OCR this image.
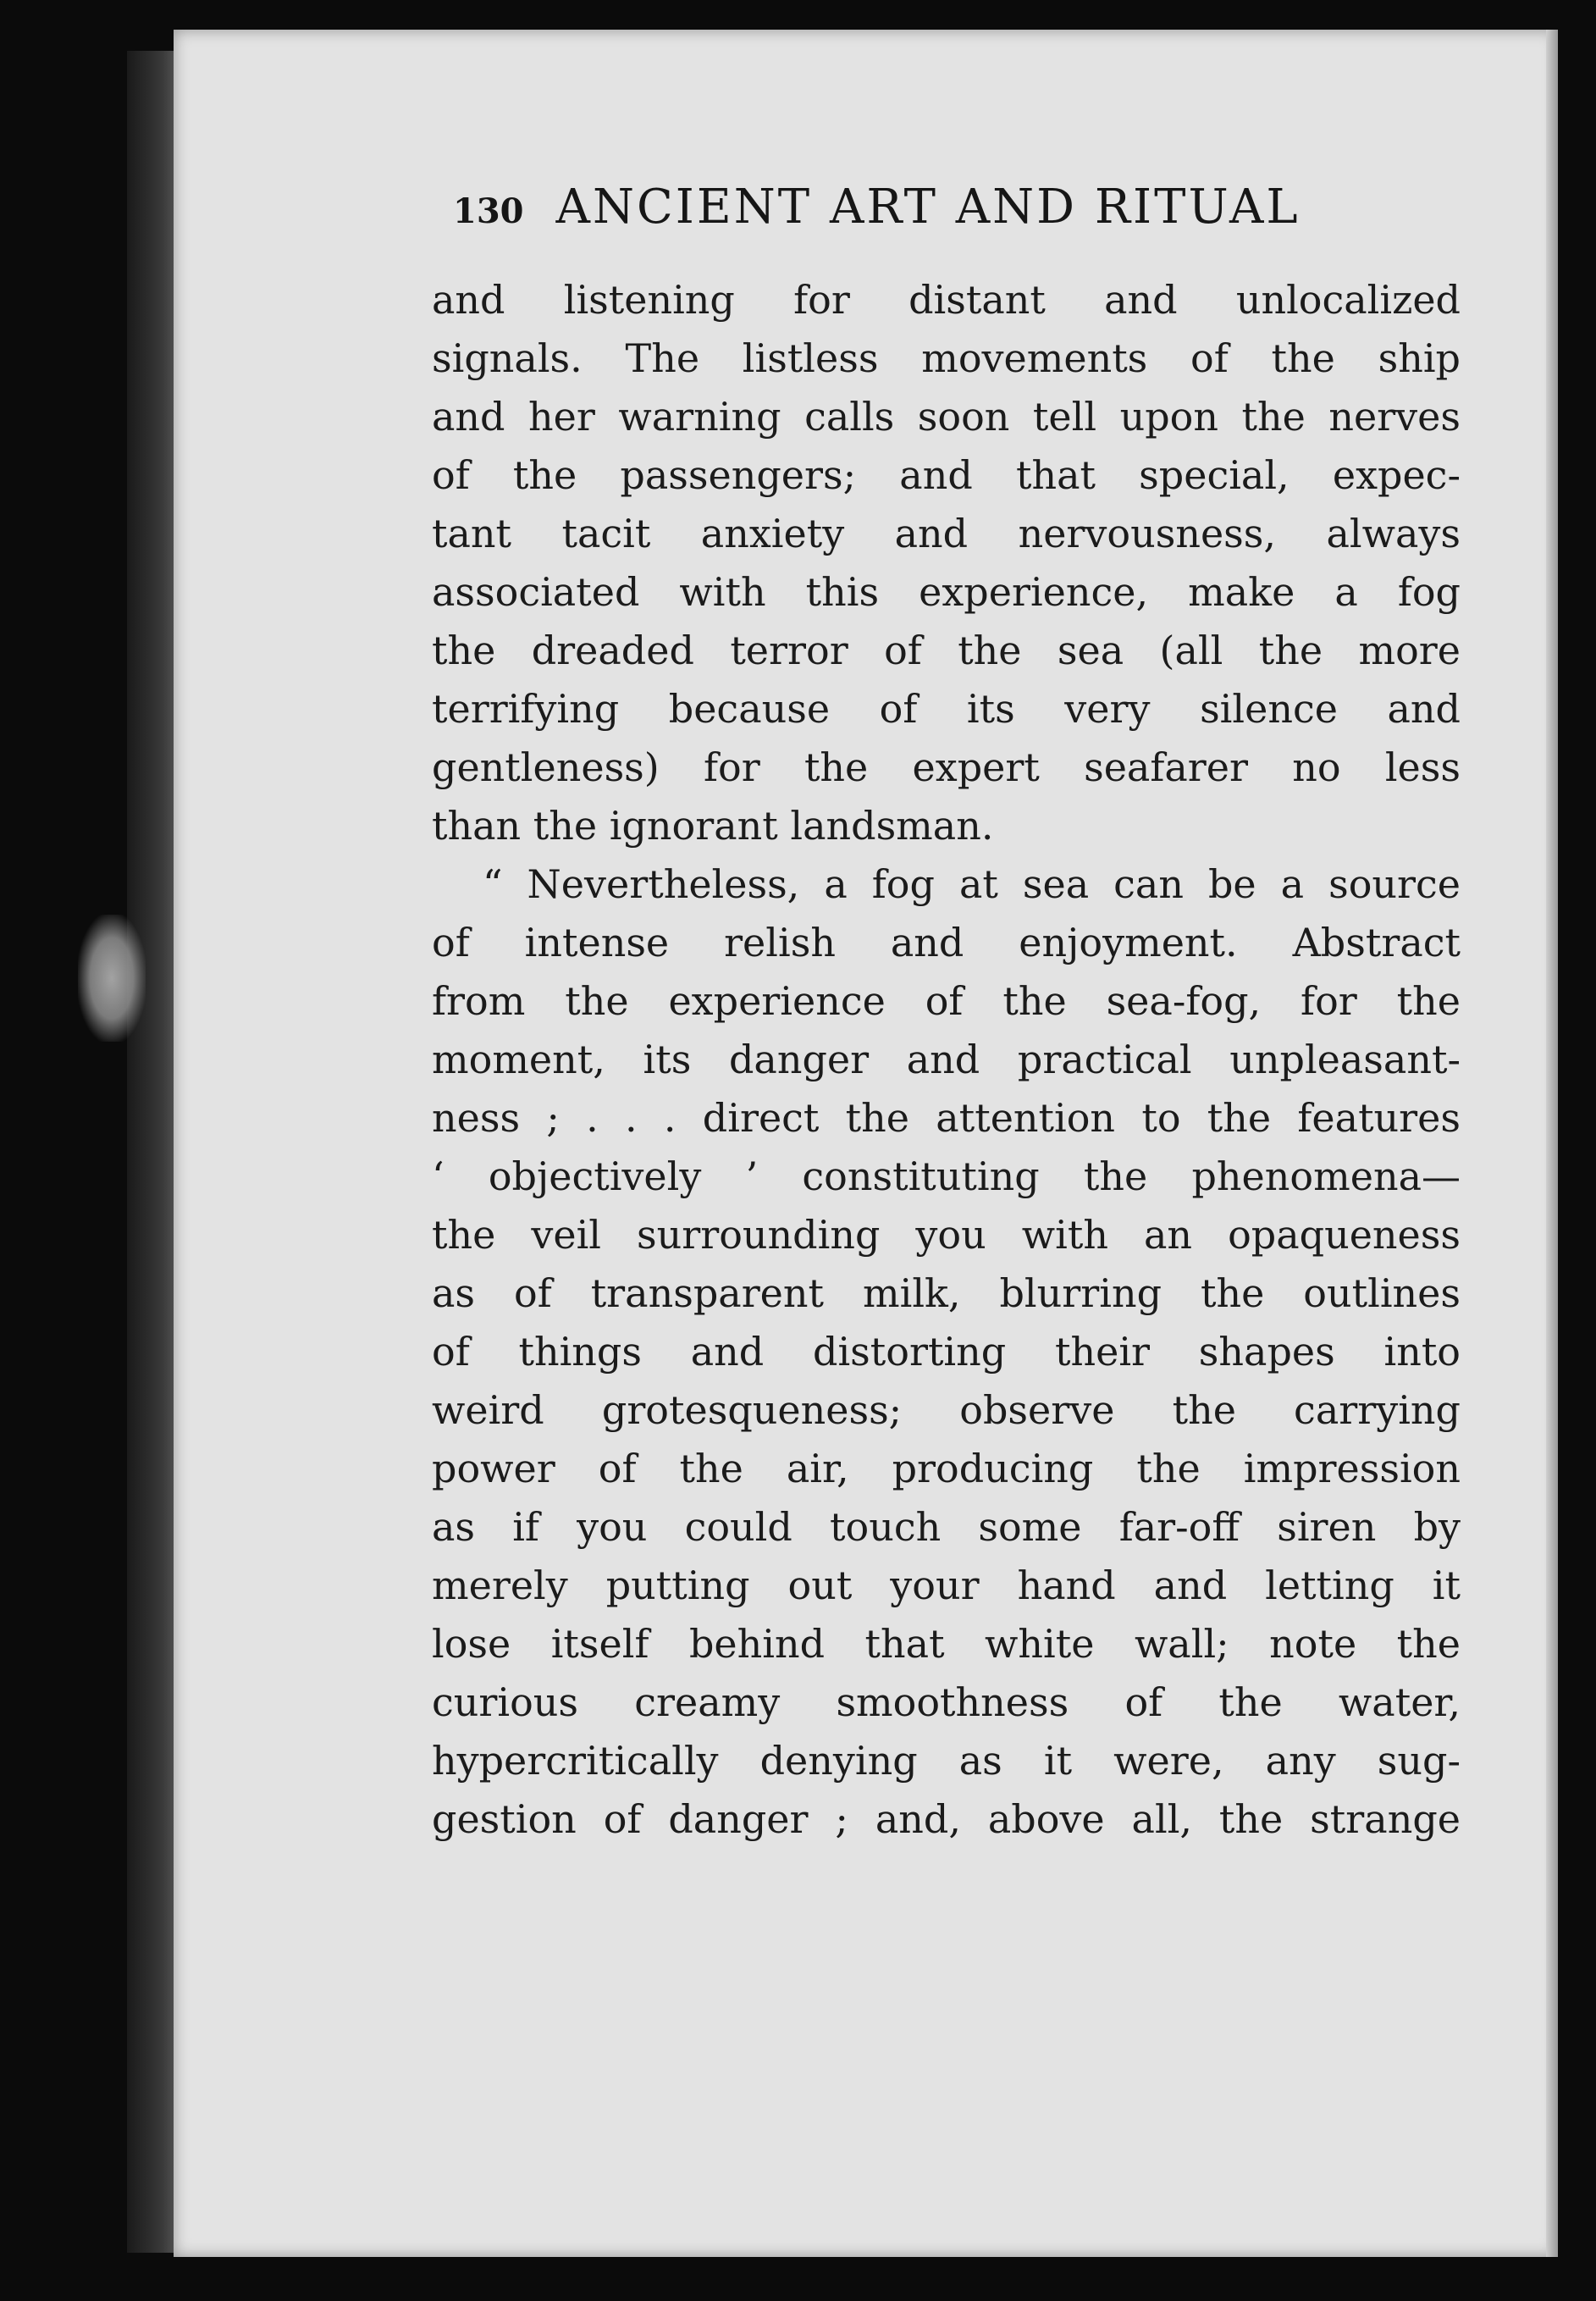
130 ANCIENT ART AND RITUAL
and listening for distant and unlocalized
signals. The listless movements of the ship
and her warning calls soon tell upon the nerves
of the passengers; and that special, expec-
tant tacit anxiety and nervousness, always
associated with this experience, make a fog
the dreaded terror of the sea (all the more
terrifying because of its very silence and
gentleness) for the expert seafarer no less
than the ignorant landsman.
“ Nevertheless, a fog at sea can be a source
of intense relish and enjoyment. Abstract
from the experience of the sea-fog, for the
moment, its danger and practical unpleasant-
ness ; . . . direct the attention to the features
‘ objectively ’ constituting the phenomena—
the veil surrounding you with an opaqueness
as of transparent milk, blurring the outlines
of things and distorting their shapes into
weird grotesqueness; observe the carrying
power of the air, producing the impression
as if you could touch some far-off siren by
merely putting out your hand and letting it
lose itself behind that white wall; note the
curious creamy smoothness of the water,
hypercritically denying as it were, any sug-
gestion of danger ; and, above all, the strange
